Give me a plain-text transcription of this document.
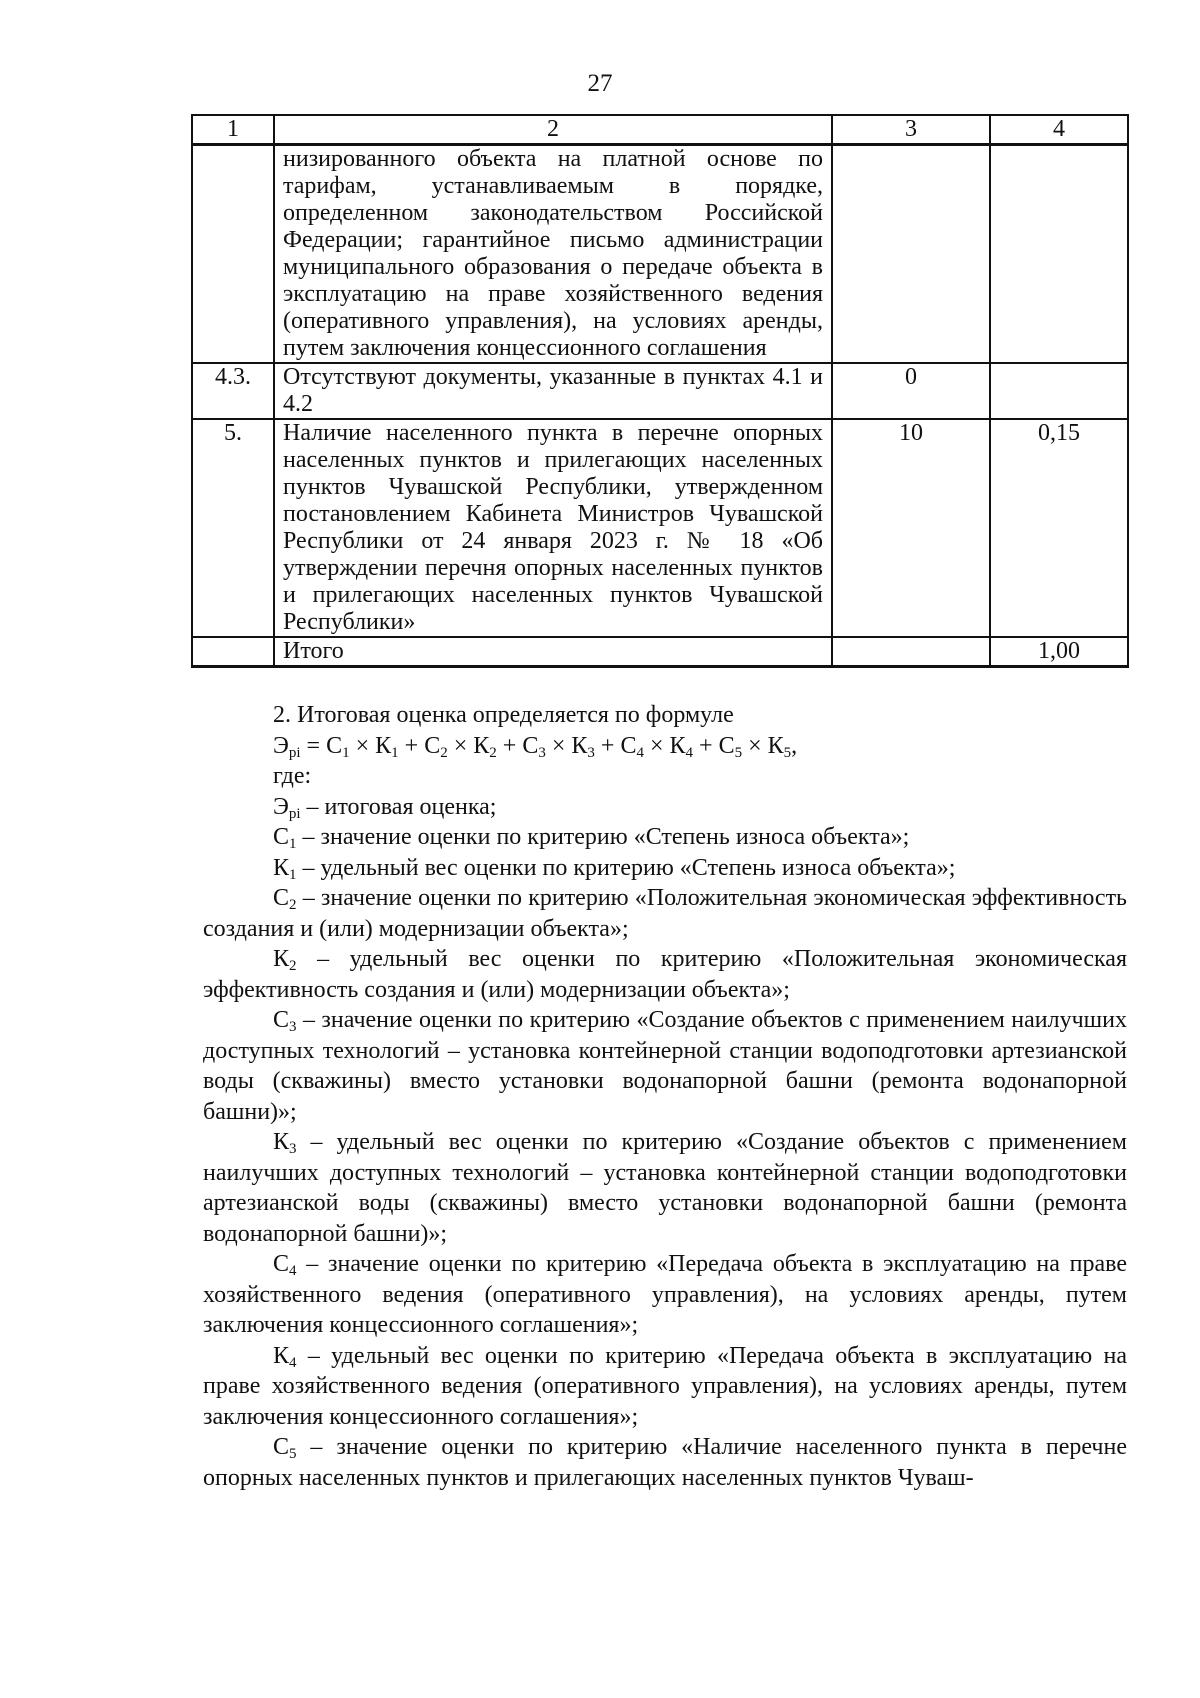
27
1	2	3	4
	низированного объекта на платной основе по тарифам, устанавливаемым в порядке, определенном законодательством Российской Федерации; гарантийное письмо администрации муниципального образования о передаче объекта в эксплуатацию на праве хозяйственного ведения (оперативного управления), на условиях аренды, путем заключения концессионного соглашения		
4.3.	Отсутствуют документы, указанные в пунктах 4.1 и 4.2	0	
5.	Наличие населенного пункта в перечне опорных населенных пунктов и прилегающих населенных пунктов Чувашской Республики, утвержденном постановлением Кабинета Министров Чувашской Республики от 24 января 2023 г. № 18 «Об утверждении перечня опорных населенных пунктов и прилегающих населенных пунктов Чувашской Республики»	10	0,15
	Итого		1,00

2. Итоговая оценка определяется по формуле

$Э_{pi} = С_1 \times К_1 + С_2 \times К_2 + С_3 \times К_3 + С_4 \times К_4 + С_5 \times К_5$,

где:

$Э_{pi}$ – итоговая оценка;

$С_1$ – значение оценки по критерию «Степень износа объекта»;

$К_1$ – удельный вес оценки по критерию «Степень износа объекта»;

$С_2$ – значение оценки по критерию «Положительная экономическая эффективность создания и (или) модернизации объекта»;

$К_2$ – удельный вес оценки по критерию «Положительная экономическая эффективность создания и (или) модернизации объекта»;

$С_3$ – значение оценки по критерию «Создание объектов с применением наилучших доступных технологий – установка контейнерной станции водоподготовки артезианской воды (скважины) вместо установки водонапорной башни (ремонта водонапорной башни)»;

$К_3$ – удельный вес оценки по критерию «Создание объектов с применением наилучших доступных технологий – установка контейнерной станции водоподготовки артезианской воды (скважины) вместо установки водонапорной башни (ремонта водонапорной башни)»;

$С_4$ – значение оценки по критерию «Передача объекта в эксплуатацию на праве хозяйственного ведения (оперативного управления), на условиях аренды, путем заключения концессионного соглашения»;

$К_4$ – удельный вес оценки по критерию «Передача объекта в эксплуатацию на праве хозяйственного ведения (оперативного управления), на условиях аренды, путем заключения концессионного соглашения»;

$С_5$ – значение оценки по критерию «Наличие населенного пункта в перечне опорных населенных пунктов и прилегающих населенных пунктов Чуваш-
